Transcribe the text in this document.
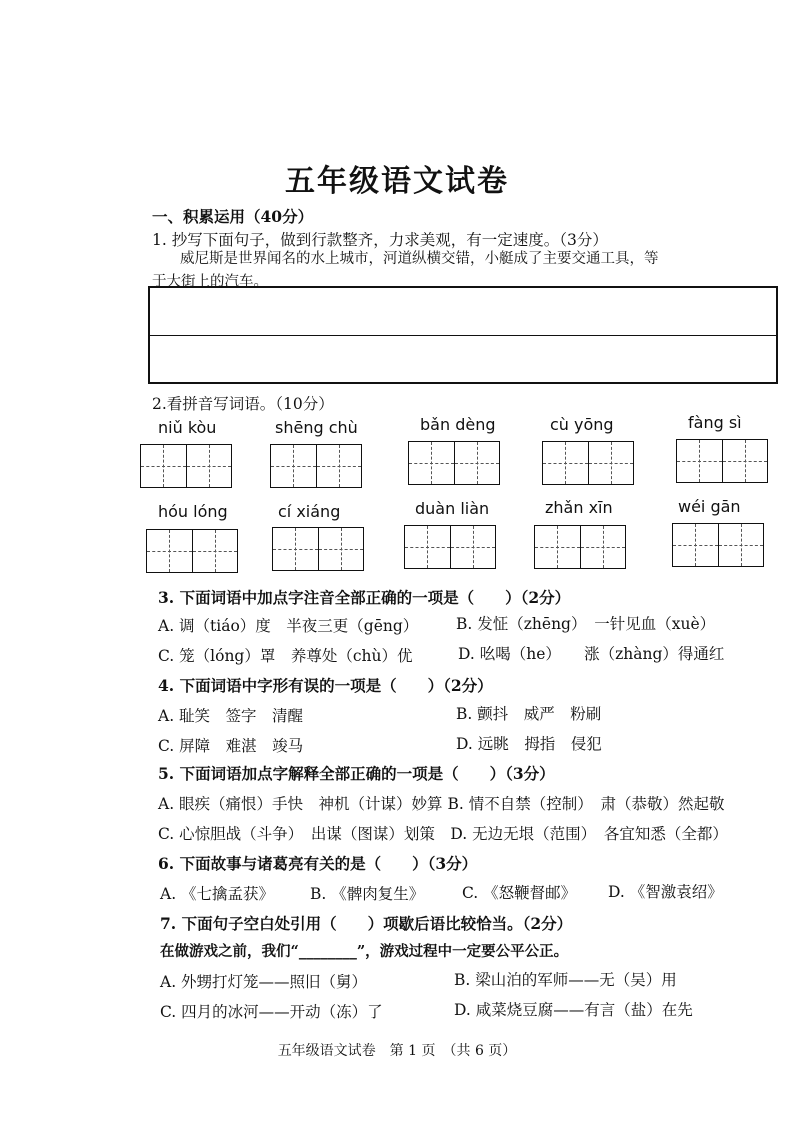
五年级语文试卷
一、积累运用（40分）
1. 抄写下面句子，做到行款整齐，力求美观，有一定速度。（3分）
威尼斯是世界闻名的水上城市，河道纵横交错，小艇成了主要交通工具，等
于大街上的汽车。
2.看拼音写词语。（10分）
niǔ kòu	shēng chù	bǎn dèng	cù yōng	fàng sì
hóu lóng	cí xiáng	duàn liàn	zhǎn xīn	wéi gān
3. 下面词语中加点字注音全部正确的一项是（　　）（2分）
A. 调（tiáo）度　半夜三更（gēng） B. 发怔（zhēng）　一针见血（xuè）
C. 笼（lóng）罩　养尊处（chù）优	D. 吆喝（he）　　涨（zhàng）得通红
4. 下面词语中字形有误的一项是（　　）（2分）
A. 耻笑　签字　清醒	B. 颤抖　威严　粉刷
C. 屏障　难湛　竣马	D. 远眺　拇指　侵犯
5. 下面词语加点字解释全部正确的一项是（　　）（3分）
A. 眼疾（痛恨）手快　神机（计谋）妙算 B. 情不自禁（控制）　肃（恭敬）然起敬
C. 心惊胆战（斗争）　出谋（图谋）划策　D. 无边无垠（范围）　各宜知悉（全都）
6. 下面故事与诸葛亮有关的是（　　）（3分）
A. 《七擒孟获》 B. 《髀肉复生》 C. 《怒鞭督邮》 D. 《智激袁绍》
7. 下面句子空白处引用（　　）项歇后语比较恰当。（2分）
在做游戏之前，我们“________”，游戏过程中一定要公平公正。
A. 外甥打灯笼——照旧（舅）	B. 梁山泊的军师——无（吴）用
C. 四月的冰河——开动（冻）了	D. 咸菜烧豆腐——有言（盐）在先
五年级语文试卷　第 1 页　（共 6 页）
